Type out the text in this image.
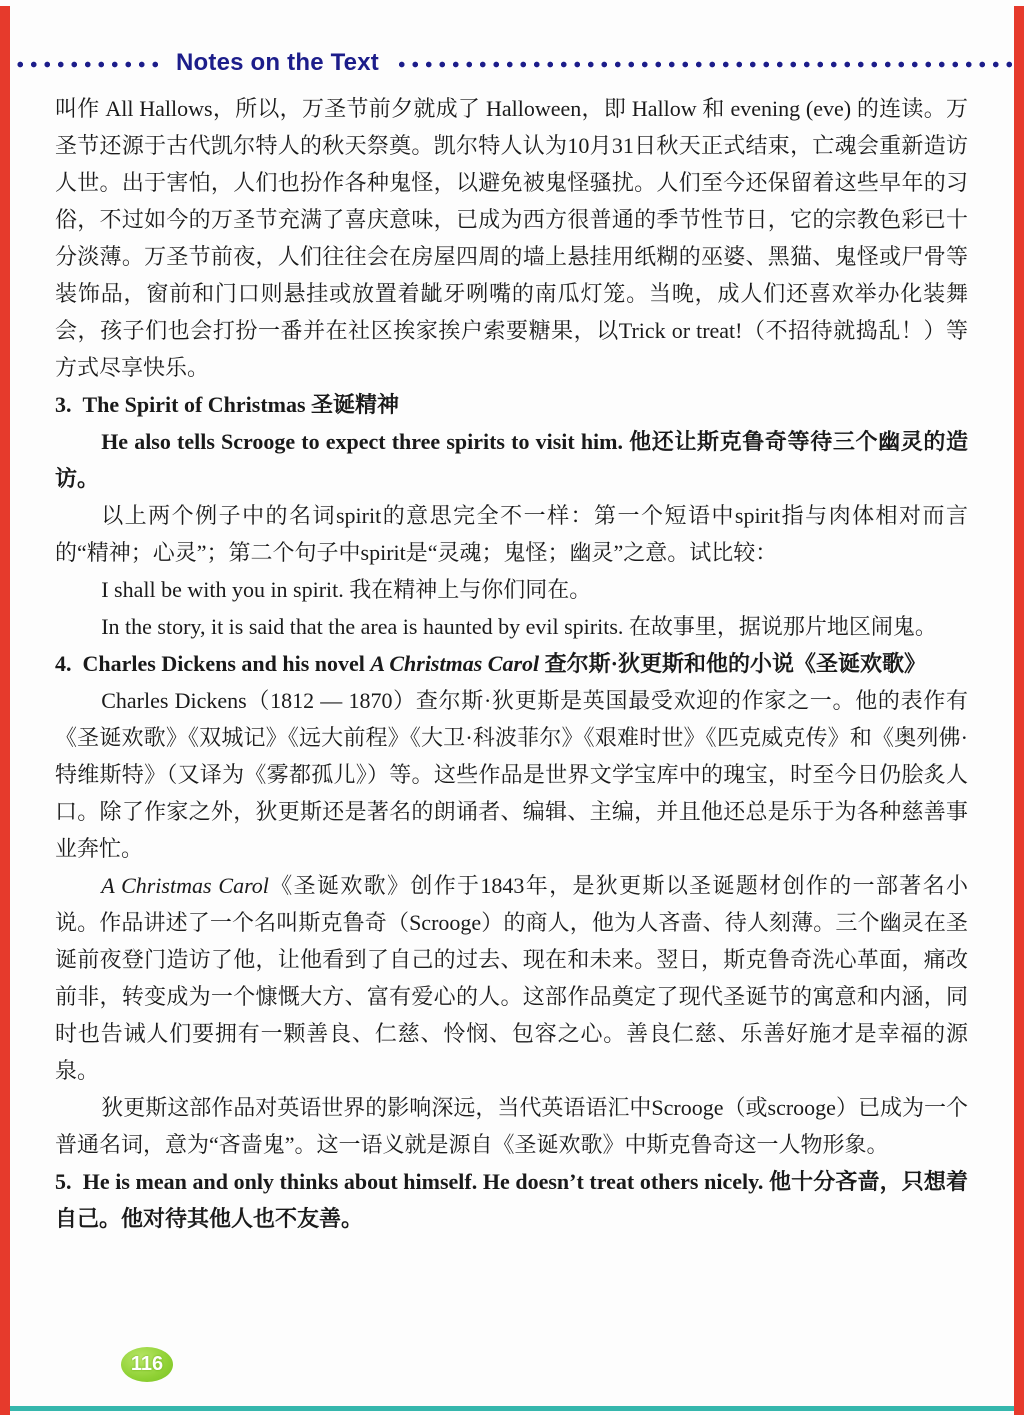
Notes on the Text

叫作 All Hallows，所以，万圣节前夕就成了 Halloween，即 Hallow 和 evening (eve) 的连读。万圣节还源于古代凯尔特人的秋天祭奠。凯尔特人认为10月31日秋天正式结束，亡魂会重新造访人世。出于害怕，人们也扮作各种鬼怪，以避免被鬼怪骚扰。人们至今还保留着这些早年的习俗，不过如今的万圣节充满了喜庆意味，已成为西方很普通的季节性节日，它的宗教色彩已十分淡薄。万圣节前夜，人们往往会在房屋四周的墙上悬挂用纸糊的巫婆、黑猫、鬼怪或尸骨等装饰品，窗前和门口则悬挂或放置着龇牙咧嘴的南瓜灯笼。当晚，成人们还喜欢举办化装舞会，孩子们也会打扮一番并在社区挨家挨户索要糖果，以Trick or treat!（不招待就捣乱！）等方式尽享快乐。

3.  The Spirit of Christmas 圣诞精神

He also tells Scrooge to expect three spirits to visit him. 他还让斯克鲁奇等待三个幽灵的造访。

以上两个例子中的名词spirit的意思完全不一样：第一个短语中spirit指与肉体相对而言的“精神；心灵”；第二个句子中spirit是“灵魂；鬼怪；幽灵”之意。试比较：

I shall be with you in spirit. 我在精神上与你们同在。

In the story, it is said that the area is haunted by evil spirits. 在故事里，据说那片地区闹鬼。

4.  Charles Dickens and his novel A Christmas Carol 查尔斯·狄更斯和他的小说《圣诞欢歌》

Charles Dickens（1812 — 1870）查尔斯·狄更斯是英国最受欢迎的作家之一。他的表作有《圣诞欢歌》《双城记》《远大前程》《大卫·科波菲尔》《艰难时世》《匹克威克传》和《奥列佛·特维斯特》（又译为《雾都孤儿》）等。这些作品是世界文学宝库中的瑰宝，时至今日仍脍炙人口。除了作家之外，狄更斯还是著名的朗诵者、编辑、主编，并且他还总是乐于为各种慈善事业奔忙。

A Christmas Carol《圣诞欢歌》创作于1843年，是狄更斯以圣诞题材创作的一部著名小说。作品讲述了一个名叫斯克鲁奇（Scrooge）的商人，他为人吝啬、待人刻薄。三个幽灵在圣诞前夜登门造访了他，让他看到了自己的过去、现在和未来。翌日，斯克鲁奇洗心革面，痛改前非，转变成为一个慷慨大方、富有爱心的人。这部作品奠定了现代圣诞节的寓意和内涵，同时也告诫人们要拥有一颗善良、仁慈、怜悯、包容之心。善良仁慈、乐善好施才是幸福的源泉。

狄更斯这部作品对英语世界的影响深远，当代英语语汇中Scrooge（或scrooge）已成为一个普通名词，意为“吝啬鬼”。这一语义就是源自《圣诞欢歌》中斯克鲁奇这一人物形象。

5.  He is mean and only thinks about himself. He doesn’t treat others nicely. 他十分吝啬，只想着自己。他对待其他人也不友善。

116
